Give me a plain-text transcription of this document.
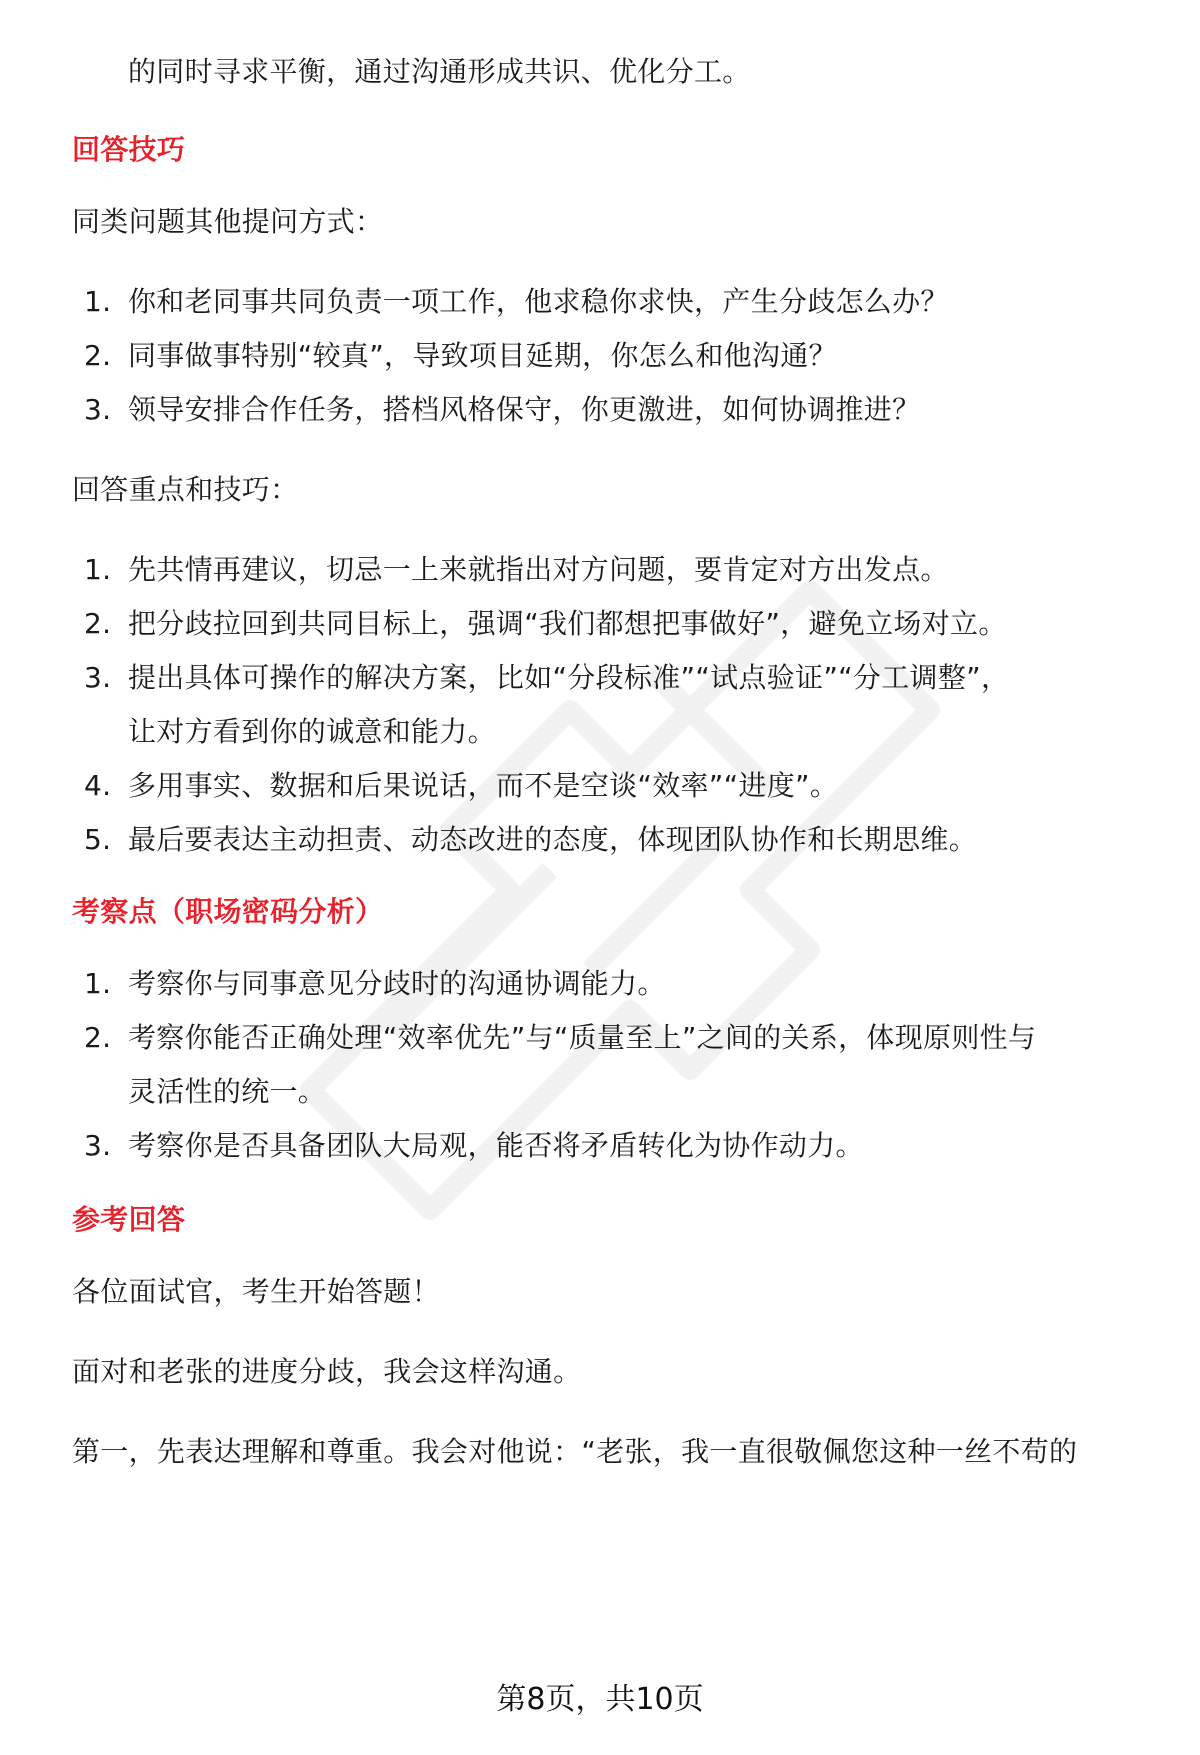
的同时寻求平衡，通过沟通形成共识、优化分工。
回答技巧
同类问题其他提问方式：
1. 你和老同事共同负责一项工作，他求稳你求快，产生分歧怎么办？
2. 同事做事特别“较真”，导致项目延期，你怎么和他沟通？
3. 领导安排合作任务，搭档风格保守，你更激进，如何协调推进？
回答重点和技巧：
1. 先共情再建议，切忌一上来就指出对方问题，要肯定对方出发点。
2. 把分歧拉回到共同目标上，强调“我们都想把事做好”，避免立场对立。
3. 提出具体可操作的解决方案，比如“分段标准”“试点验证”“分工调整”，
让对方看到你的诚意和能力。
4. 多用事实、数据和后果说话，而不是空谈“效率”“进度”。
5. 最后要表达主动担责、动态改进的态度，体现团队协作和长期思维。
考察点（职场密码分析）
1. 考察你与同事意见分歧时的沟通协调能力。
2. 考察你能否正确处理“效率优先”与“质量至上”之间的关系，体现原则性与
灵活性的统一。
3. 考察你是否具备团队大局观，能否将矛盾转化为协作动力。
参考回答
各位面试官，考生开始答题！
面对和老张的进度分歧，我会这样沟通。
第一，先表达理解和尊重。我会对他说：“老张，我一直很敬佩您这种一丝不苟的
第8页，共10页
